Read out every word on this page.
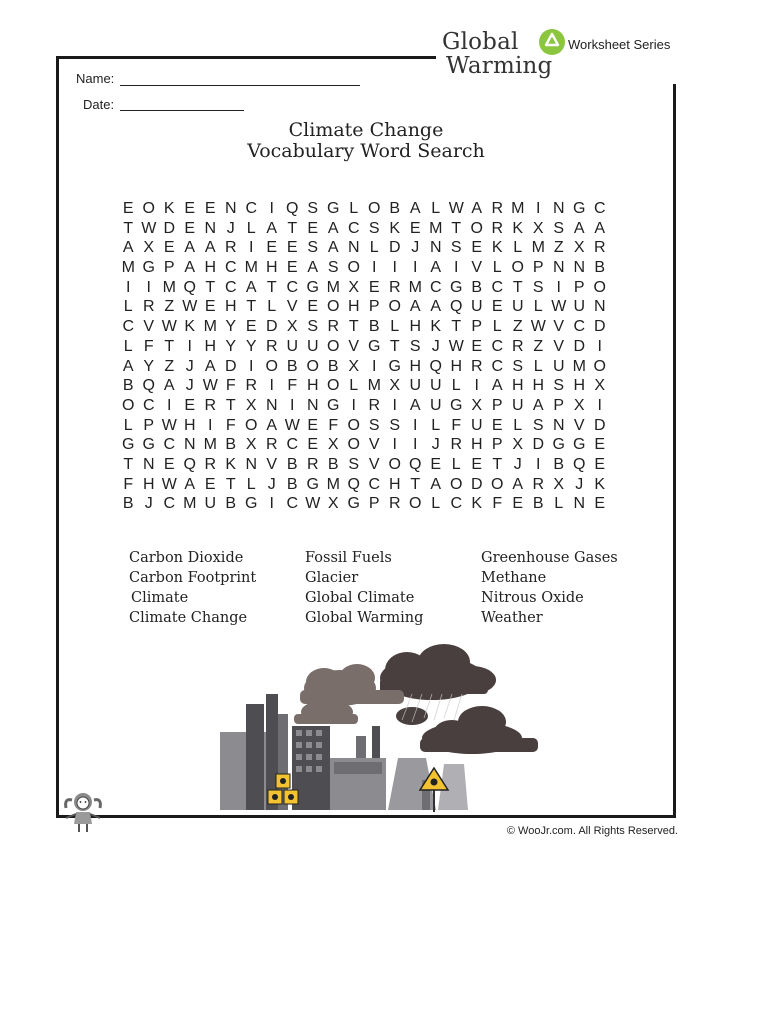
Global
Warming
Worksheet Series
Name:
Date:
Climate Change
Vocabulary Word Search
E O K E E N C I Q S G L O B A L W A R M I N G C
T W D E N J L A T E A C S K E M T O R K X S A A
A X E A A R I E E S A N L D J N S E K L M Z X R
M G P A H C M H E A S O I I I A I V L O P N N B
I I M Q T C A T C G M X E R M C G B C T S I P O
L R Z W E H T L V E O H P O A A Q U E U L W U N
C V W K M Y E D X S R T B L H K T P L Z W V C D
L F T I H Y Y R U U O V G T S J W E C R Z V D I
A Y Z J A D I O B O B X I G H Q H R C S L U M O
B Q A J W F R I F H O L M X U U L I A H H S H X
O C I E R T X N I N G I R I A U G X P U A P X I
L P W H I F O A W E F O S S I L F U E L S N V D
G G C N M B X R C E X O V I I J R H P X D G G E
T N E Q R K N V B R B S V O Q E L E T J I B Q E
F H W A E T L J B G M Q C H T A O D O A R X J K
B J C M U B G I C W X G P R O L C K F E B L N E
Carbon Dioxide
Carbon Footprint
Climate
Climate Change
Fossil Fuels
Glacier
Global Climate
Global Warming
Greenhouse Gases
Methane
Nitrous Oxide
Weather
© WooJr.com. All Rights Reserved.
